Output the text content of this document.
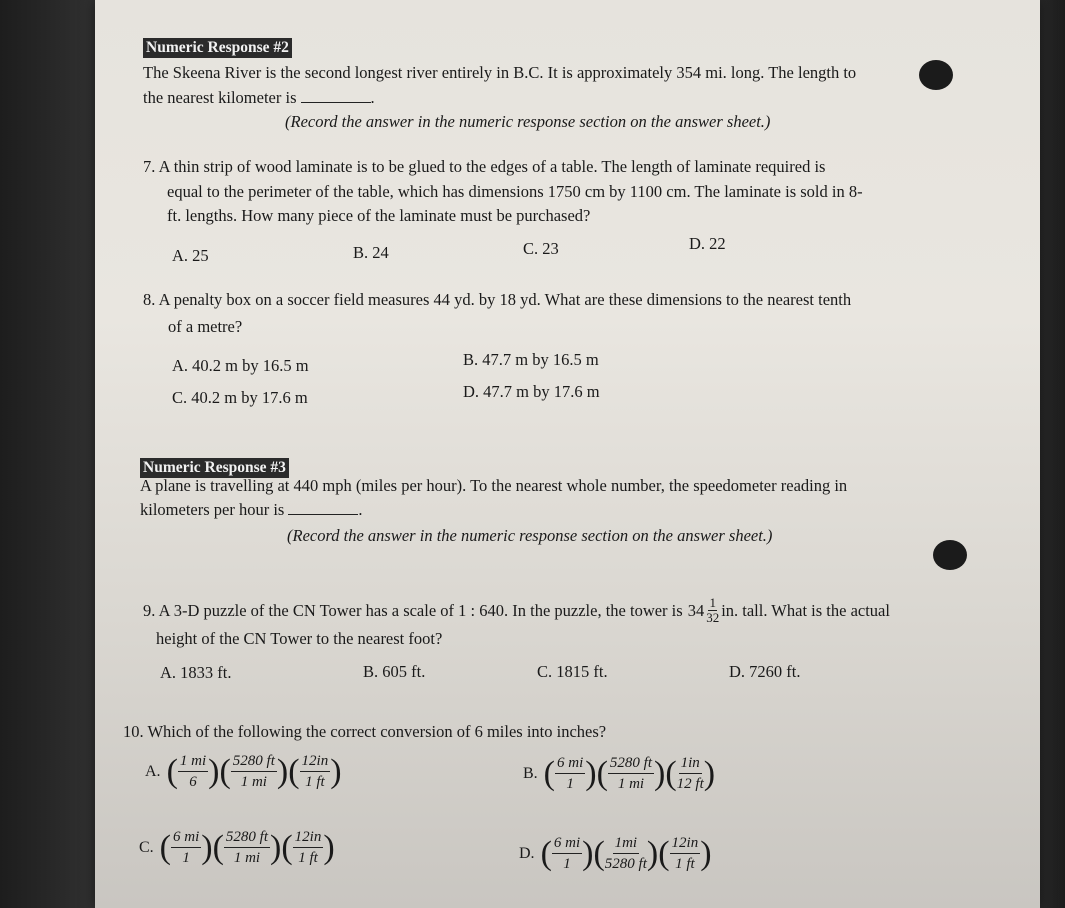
Numeric Response #2
The Skeena River is the second longest river entirely in B.C. It is approximately 354 mi. long. The length to
the nearest kilometer is	.
(Record the answer in the numeric response section on the answer sheet.)
7. A thin strip of wood laminate is to be glued to the edges of a table. The length of laminate required is
equal to the perimeter of the table, which has dimensions 1750 cm by 1100 cm. The laminate is sold in 8-
ft. lengths. How many piece of the laminate must be purchased?
A. 25	B. 24	C. 23	D. 22
8. A penalty box on a soccer field measures 44 yd. by 18 yd. What are these dimensions to the nearest tenth
of a metre?
A. 40.2 m by 16.5 m	B. 47.7 m by 16.5 m
C. 40.2 m by 17.6 m	D. 47.7 m by 17.6 m
Numeric Response #3
A plane is travelling at 440 mph (miles per hour). To the nearest whole number, the speedometer reading in
kilometers per hour is	.
(Record the answer in the numeric response section on the answer sheet.)
9. A 3-D puzzle of the CN Tower has a scale of 1 : 640. In the puzzle, the tower is $34 \frac{1}{32}$ in. tall. What is the actual
height of the CN Tower to the nearest foot?
A. 1833 ft.	B. 605 ft.	C. 1815 ft.	D. 7260 ft.
10. Which of the following the correct conversion of 6 miles into inches?
A. ( $\frac{1 mi}{6}$
) ( $\frac{5280 ft}{1 mi}$
) ( $\frac{12in}{1 ft}$
)	B. ( $\frac{6 mi}{1}$
) ( $\frac{5280 ft}{1 mi}$
) ( $\frac{1in}{12 ft}$
)
C. ( $\frac{6 mi}{1}$
) ( $\frac{5280 ft}{1 mi}$
) ( $\frac{12in}{1 ft}$
)	D. ( $\frac{6 mi}{1}$
) ( $\frac{1mi}{5280 ft}$
) ( $\frac{12in}{1 ft}$
)
